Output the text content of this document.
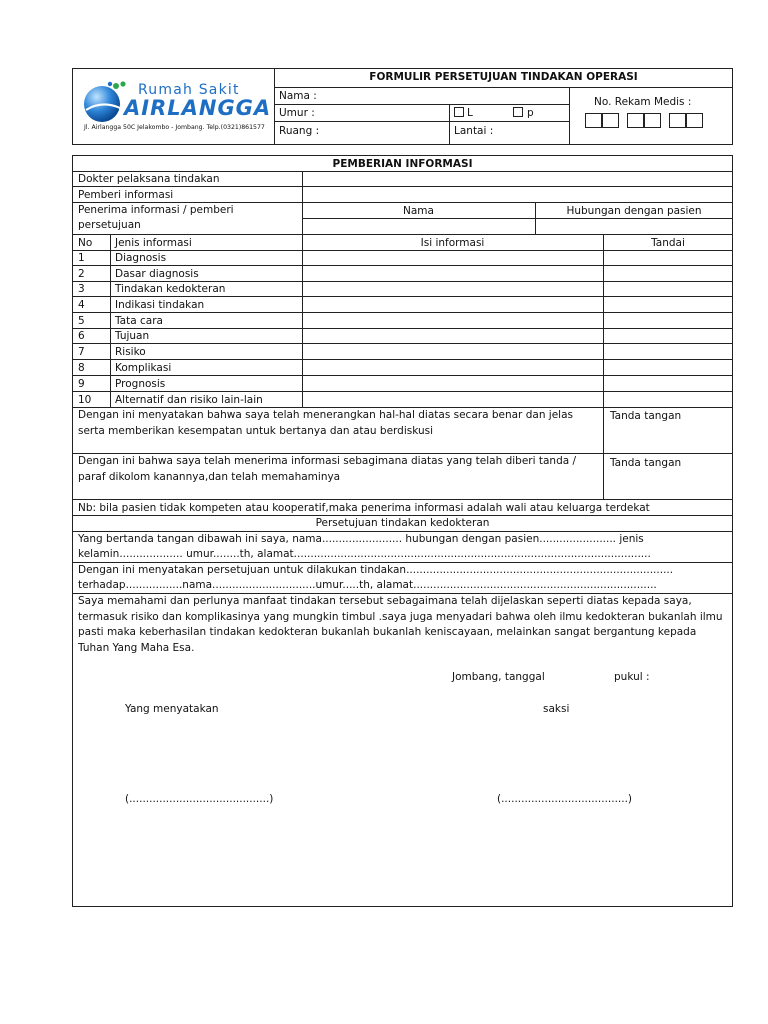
Rumah Sakit
AIRLANGGA
Jl. Airlangga 50C Jelakombo - Jombang. Telp.(0321)861577
FORMULIR PERSETUJUAN TINDAKAN OPERASI
Nama :
Umur :
Ruang :
L	p
Lantai :
No. Rekam Medis :
PEMBERIAN INFORMASI
Dokter pelaksana tindakan
Pemberi informasi
Penerima informasi / pemberi persetujuan
Nama	Hubungan dengan pasien
No Jenis informasi	Isi informasi	Tandai
1	Diagnosis
2	Dasar diagnosis
3	Tindakan kedokteran
4	Indikasi tindakan
5	Tata cara
6	Tujuan
7	Risiko
8	Komplikasi
9	Prognosis
10 Alternatif dan risiko lain-lain
Dengan ini menyatakan bahwa saya telah menerangkan hal-hal diatas secara benar dan jelas serta memberikan kesempatan untuk bertanya dan atau berdiskusi
Tanda tangan
Dengan ini bahwa saya telah menerima informasi sebagimana diatas yang telah diberi tanda / paraf dikolom kanannya,dan telah memahaminya
Tanda tangan
Nb: bila pasien tidak kompeten atau kooperatif,maka penerima informasi adalah wali atau keluarga terdekat
Persetujuan tindakan kedokteran
Yang bertanda tangan dibawah ini saya, nama........................ hubungan dengan pasien....................... jenis
kelamin................... umur........th, alamat...........................................................................................................
Dengan ini menyatakan persetujuan untuk dilakukan tindakan................................................................................
terhadap.................nama...............................umur.....th, alamat.........................................................................
Saya memahami dan perlunya manfaat tindakan tersebut sebagaimana telah dijelaskan seperti diatas kepada saya, termasuk risiko dan komplikasinya yang mungkin timbul .saya juga menyadari bahwa oleh ilmu kedokteran bukanlah ilmu pasti maka keberhasilan tindakan kedokteran bukanlah bukanlah keniscayaan, melainkan sangat bergantung kepada Tuhan Yang Maha Esa.
Jombang, tanggal	pukul :
Yang menyatakan	saksi
(..........................................)	(......................................)
